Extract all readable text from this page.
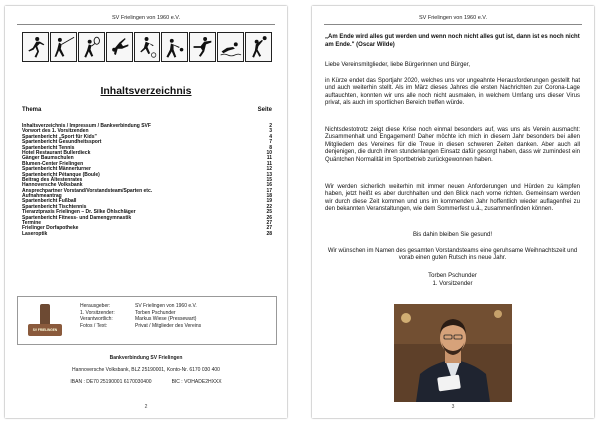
SV Frielingen von 1960 e.V.
Inhaltsverzeichnis
Thema	Seite
Inhaltsverzeichnis / Impressum / Bankverbindung SVF	2
Vorwort des 1. Vorsitzenden	3
Spartenbericht „Sport für Kids"	4
Spartenbericht Gesundheitssport	7
Spartenbericht Tennis	8
Hotel Restaurant Bullerdieck	10
Gänger Baumschulen	11
Blumen-Center Frielingen	11
Spartenbericht Männerturner	12
Spartenbericht Pétanque (Boule)	13
Beitrag des Ältestenrates	15
Hannoversche Volksbank	16
Ansprechpartner Vorstand/Vorstandsteam/Sparten etc.	17
Aufnahmeantrag	18
Spartenbericht Fußball	19
Spartenbericht Tischtennis	22
Tierarztpraxis Frielingen – Dr. Silke Öhlschläger	25
Spartenbericht Fitness- und Damengymnastik	26
Termine	27
Frielinger Dorfapotheke	27
Laseroptik	28
SV FRIELINGEN
Herausgeber:	SV Frielingen von 1960 e.V.
1. Vorsitzender:	Torben Pschunder
Verantwortlich:	Markus Wiese (Pressewart)
Fotos / Text:	Privat / Mitglieder des Vereins
Bankverbindung SV Frielingen
Hannoversche Volksbank, BLZ 25190001, Konto-Nr. 6170 030 400
IBAN : DE70 25190001 6170030400	BIC : VOHADE2HXXX
2
SV Frielingen von 1960 e.V.
„Am Ende wird alles gut werden und wenn noch nicht alles gut ist, dann ist es noch nicht am Ende." (Oscar Wilde)
Liebe Vereinsmitglieder, liebe Bürgerinnen und Bürger,
in Kürze endet das Sportjahr 2020, welches uns vor ungeahnte Herausforderungen gestellt hat und auch weiterhin stellt. Als im März dieses Jahres die ersten Nachrichten zur Corona-Lage auftauchten, konnten wir uns alle noch nicht ausmalen, in welchem Umfang uns dieser Virus privat, als auch im sportlichen Bereich treffen würde.
Nichtsdestotrotz zeigt diese Krise noch einmal besonders auf, was uns als Verein ausmacht: Zusammenhalt und Engagement! Daher möchte ich mich in diesem Jahr besonders bei allen Mitgliedern des Vereines für die Treue in diesen schweren Zeiten danken. Aber auch all denjenigen, die durch ihren stundenlangen Einsatz dafür gesorgt haben, dass wir zumindest ein Quäntchen Normalität im Sportbetrieb zurückgewonnen haben.
Wir werden sicherlich weiterhin mit immer neuen Anforderungen und Hürden zu kämpfen haben, jetzt heißt es aber durchhalten und den Blick nach vorne richten. Gemeinsam werden wir durch diese Zeit kommen und uns im kommenden Jahr hoffentlich wieder auflagenfrei zu den bekannten Veranstaltungen, wie dem Sommerfest u.ä., zusammenfinden können.
Bis dahin bleiben Sie gesund!
Wir wünschen im Namen des gesamten Vorstandsteams eine geruhsame Weihnachtszeit und vorab einen guten Rutsch ins neue Jahr.
Torben Pschunder
1. Vorsitzender
3
